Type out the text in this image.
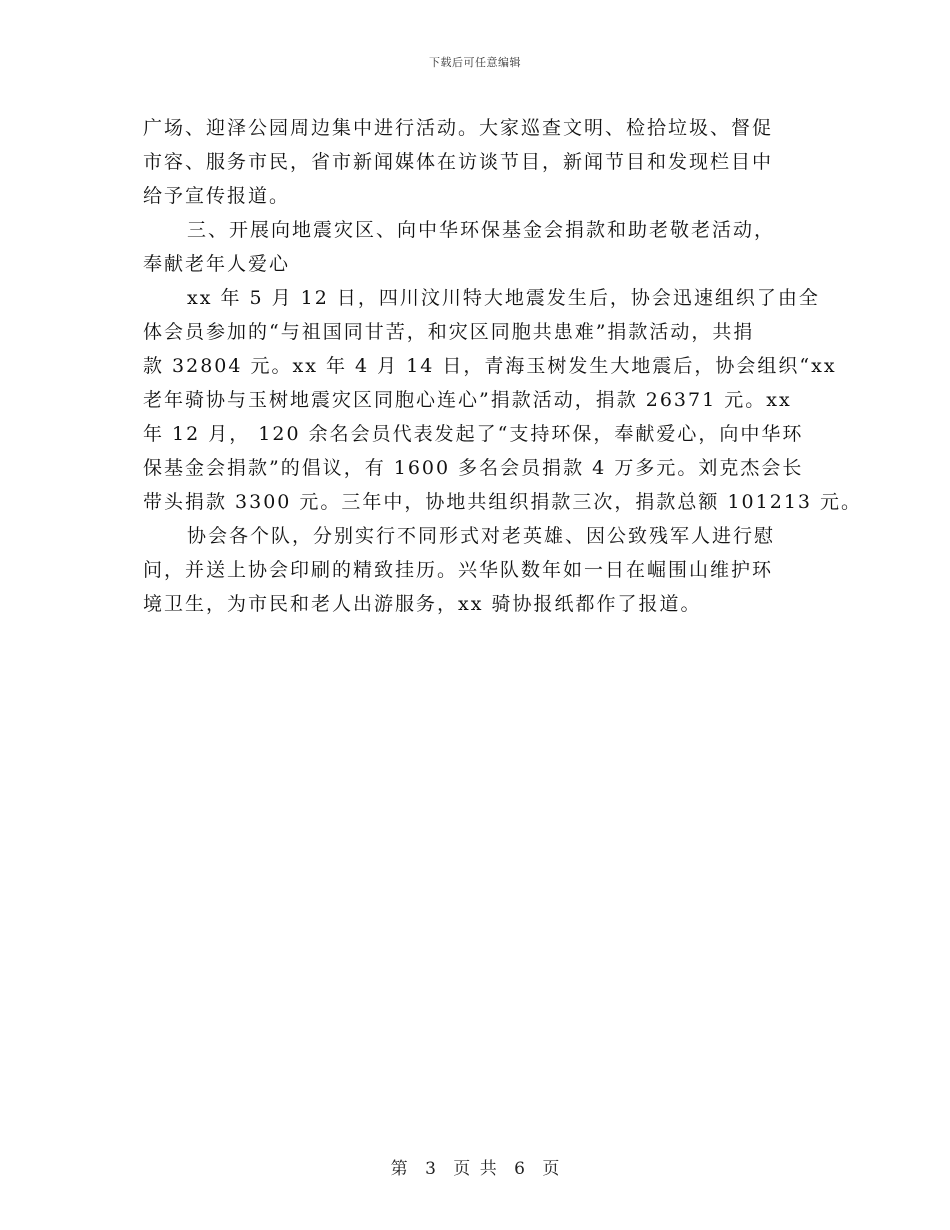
下载后可任意编辑
广场、迎泽公园周边集中进行活动。大家巡查文明、检拾垃圾、督促
市容、服务市民，省市新闻媒体在访谈节目，新闻节目和发现栏目中
给予宣传报道。
三、开展向地震灾区、向中华环保基金会捐款和助老敬老活动，
奉献老年人爱心
xx 年 5 月 12 日，四川汶川特大地震发生后，协会迅速组织了由全
体会员参加的“与祖国同甘苦，和灾区同胞共患难”捐款活动，共捐
款 32804 元。xx 年 4 月 14 日，青海玉树发生大地震后，协会组织“xx
老年骑协与玉树地震灾区同胞心连心”捐款活动，捐款 26371 元。xx
年 12 月， 120 余名会员代表发起了“支持环保，奉献爱心，向中华环
保基金会捐款”的倡议，有 1600 多名会员捐款 4 万多元。刘克杰会长
带头捐款 3300 元。三年中，协地共组织捐款三次，捐款总额 101213 元。
协会各个队，分别实行不同形式对老英雄、因公致残军人进行慰
问，并送上协会印刷的精致挂历。兴华队数年如一日在崛围山维护环
境卫生，为市民和老人出游服务，xx 骑协报纸都作了报道。
第 3 页 共 6 页
